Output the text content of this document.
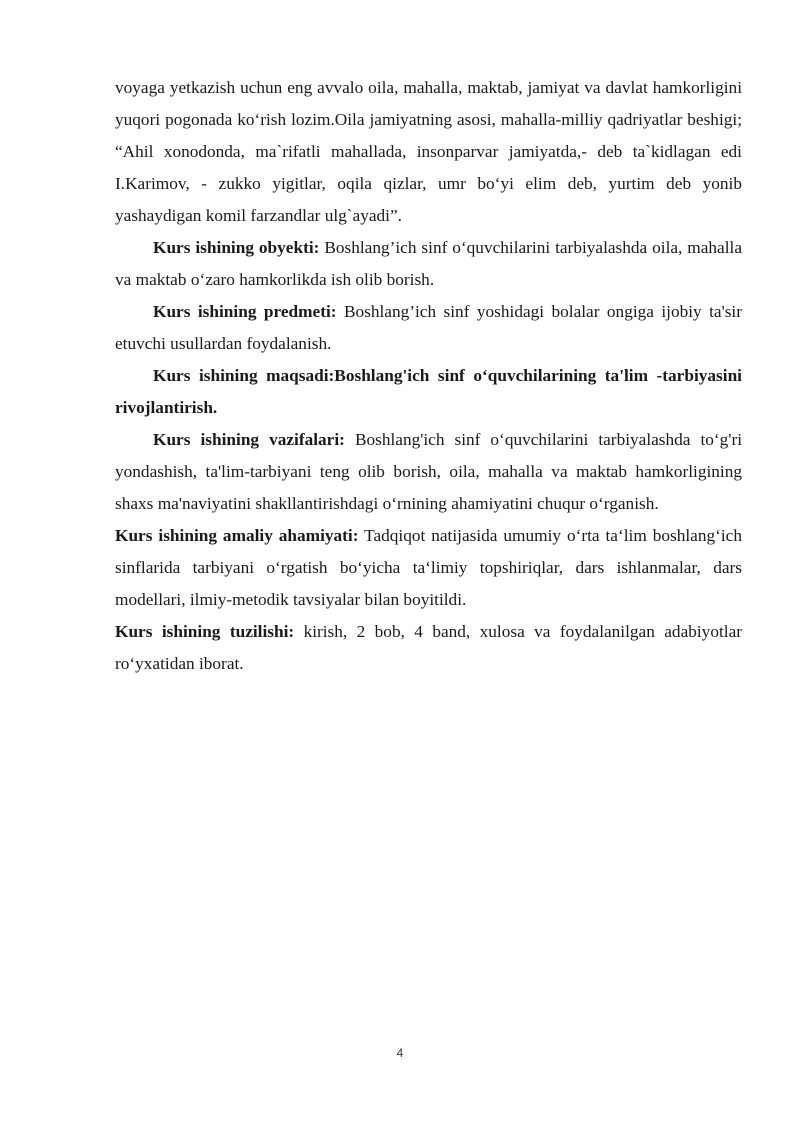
voyaga yetkazish uchun eng avvalo oila, mahalla, maktab, jamiyat va davlat hamkorligini yuqori pogonada ko‘rish lozim.Oila jamiyatning asosi, mahalla-milliy qadriyatlar beshigi; “Ahil xonodonda, ma`rifatli mahallada, insonparvar jamiyatda,- deb ta`kidlagan edi I.Karimov, - zukko yigitlar, oqila qizlar, umr bo‘yi elim deb, yurtim deb yonib yashaydigan komil farzandlar ulg`ayadi”.

Kurs ishining obyekti: Boshlang’ich sinf o‘quvchilarini tarbiyalashda oila, mahalla va maktab o‘zaro hamkorlikda ish olib borish.

Kurs ishining predmeti: Boshlang’ich sinf yoshidagi bolalar ongiga ijobiy ta'sir etuvchi usullardan foydalanish.

Kurs ishining maqsadi:Boshlang'ich sinf o‘quvchilarining ta'lim -tarbiyasini rivojlantirish.

Kurs ishining vazifalari: Boshlang'ich sinf o‘quvchilarini tarbiyalashda to‘g'ri yondashish, ta'lim-tarbiyani teng olib borish, oila, mahalla va maktab hamkorligining shaxs ma'naviyatini shakllantirishdagi o‘rnining ahamiyatini chuqur o‘rganish.

Kurs ishining amaliy ahamiyati: Tadqiqot natijasida umumiy o‘rta ta‘lim boshlang‘ich sinflarida tarbiyani o‘rgatish bo‘yicha ta‘limiy topshiriqlar, dars ishlanmalar, dars modellari, ilmiy-metodik tavsiyalar bilan boyitildi.

Kurs ishining tuzilishi: kirish, 2 bob, 4 band, xulosa va foydalanilgan adabiyotlar ro‘yxatidan iborat.

4
